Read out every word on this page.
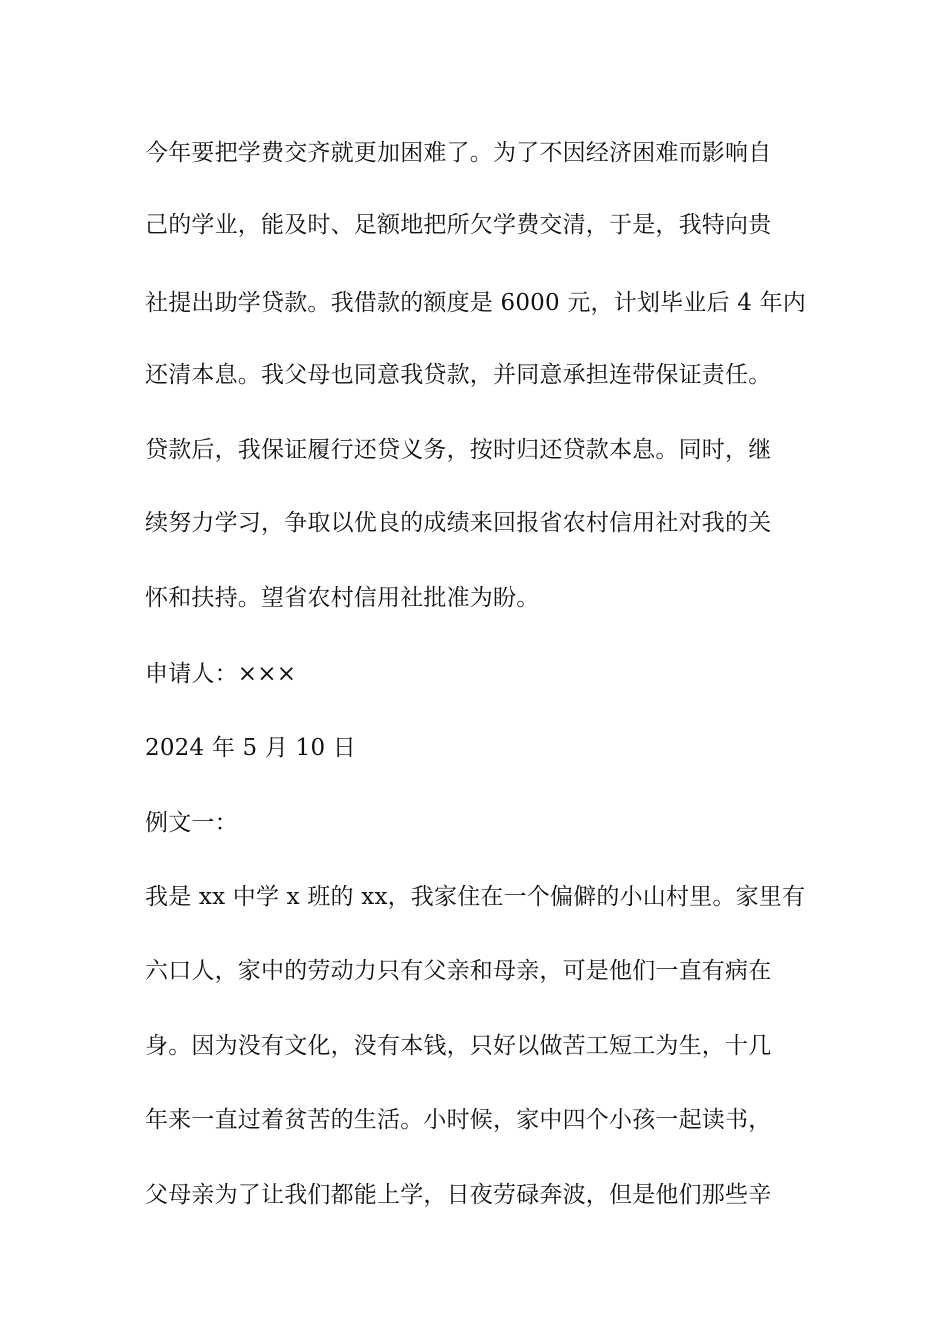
今年要把学费交齐就更加困难了。为了不因经济困难而影响自
己的学业，能及时、足额地把所欠学费交清，于是，我特向贵
社提出助学贷款。我借款的额度是 6000 元，计划毕业后 4 年内
还清本息。我父母也同意我贷款，并同意承担连带保证责任。
贷款后，我保证履行还贷义务，按时归还贷款本息。同时，继
续努力学习，争取以优良的成绩来回报省农村信用社对我的关
怀和扶持。望省农村信用社批准为盼。
申请人：×××
2024 年 5 月 10 日
例文一：
我是 xx 中学 x 班的 xx，我家住在一个偏僻的小山村里。家里有
六口人，家中的劳动力只有父亲和母亲，可是他们一直有病在
身。因为没有文化，没有本钱，只好以做苦工短工为生，十几
年来一直过着贫苦的生活。小时候，家中四个小孩一起读书，
父母亲为了让我们都能上学，日夜劳碌奔波，但是他们那些辛
